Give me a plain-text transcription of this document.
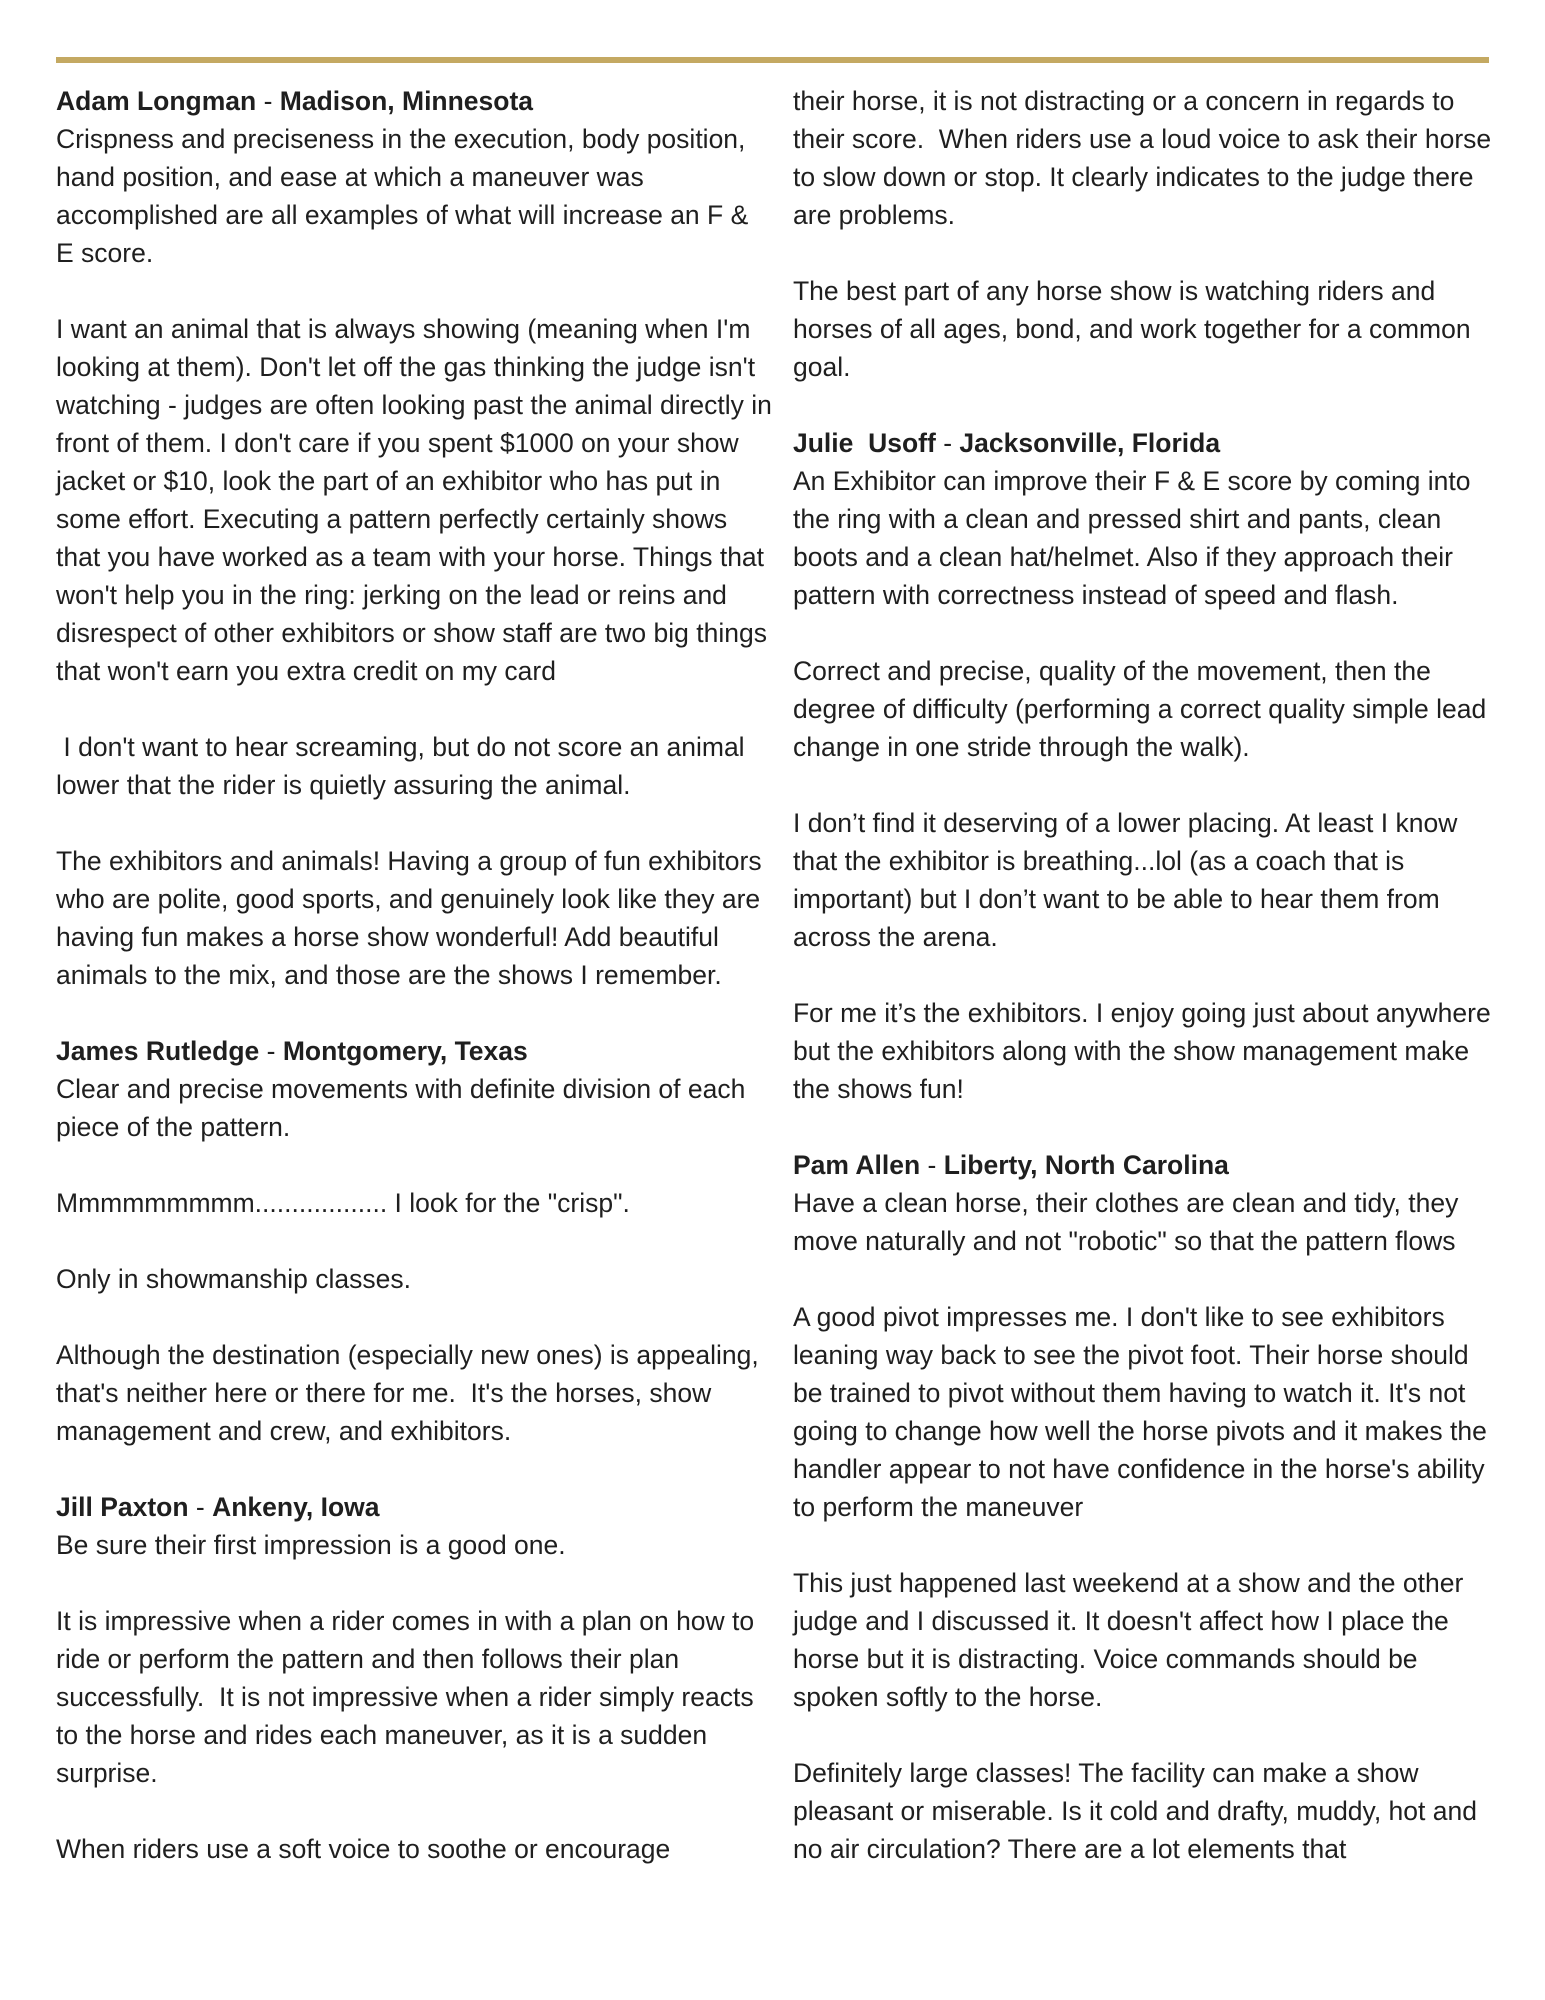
Adam Longman - Madison, Minnesota
Crispness and preciseness in the execution, body position, hand position, and ease at which a maneuver was accomplished are all examples of what will increase an F & E score.

I want an animal that is always showing (meaning when I'm looking at them). Don't let off the gas thinking the judge isn't watching - judges are often looking past the animal directly in front of them. I don't care if you spent $1000 on your show jacket or $10, look the part of an exhibitor who has put in some effort. Executing a pattern perfectly certainly shows that you have worked as a team with your horse. Things that won't help you in the ring: jerking on the lead or reins and disrespect of other exhibitors or show staff are two big things that won't earn you extra credit on my card

I don't want to hear screaming, but do not score an animal lower that the rider is quietly assuring the animal.

The exhibitors and animals! Having a group of fun exhibitors who are polite, good sports, and genuinely look like they are having fun makes a horse show wonderful! Add beautiful animals to the mix, and those are the shows I remember.

James Rutledge - Montgomery, Texas
Clear and precise movements with definite division of each piece of the pattern.

Mmmmmmmmm.................. I look for the "crisp".

Only in showmanship classes.

Although the destination (especially new ones) is appealing, that's neither here or there for me.  It's the horses, show management and crew, and exhibitors.

Jill Paxton - Ankeny, Iowa
Be sure their first impression is a good one.

It is impressive when a rider comes in with a plan on how to ride or perform the pattern and then follows their plan successfully.  It is not impressive when a rider simply reacts to the horse and rides each maneuver, as it is a sudden surprise.

When riders use a soft voice to soothe or encourage

their horse, it is not distracting or a concern in regards to their score.  When riders use a loud voice to ask their horse to slow down or stop. It clearly indicates to the judge there are problems.

The best part of any horse show is watching riders and horses of all ages, bond, and work together for a common goal.

Julie  Usoff - Jacksonville, Florida
An Exhibitor can improve their F & E score by coming into the ring with a clean and pressed shirt and pants, clean boots and a clean hat/helmet. Also if they approach their pattern with correctness instead of speed and flash.

Correct and precise, quality of the movement, then the degree of difficulty (performing a correct quality simple lead change in one stride through the walk).

I don’t find it deserving of a lower placing. At least I know that the exhibitor is breathing...lol (as a coach that is important) but I don’t want to be able to hear them from across the arena.

For me it’s the exhibitors. I enjoy going just about anywhere but the exhibitors along with the show management make the shows fun!

Pam Allen - Liberty, North Carolina
Have a clean horse, their clothes are clean and tidy, they move naturally and not "robotic" so that the pattern flows

A good pivot impresses me. I don't like to see exhibitors leaning way back to see the pivot foot. Their horse should be trained to pivot without them having to watch it. It's not going to change how well the horse pivots and it makes the handler appear to not have confidence in the horse's ability to perform the maneuver

This just happened last weekend at a show and the other judge and I discussed it. It doesn't affect how I place the horse but it is distracting. Voice commands should be spoken softly to the horse.

Definitely large classes! The facility can make a show pleasant or miserable. Is it cold and drafty, muddy, hot and no air circulation? There are a lot elements that
